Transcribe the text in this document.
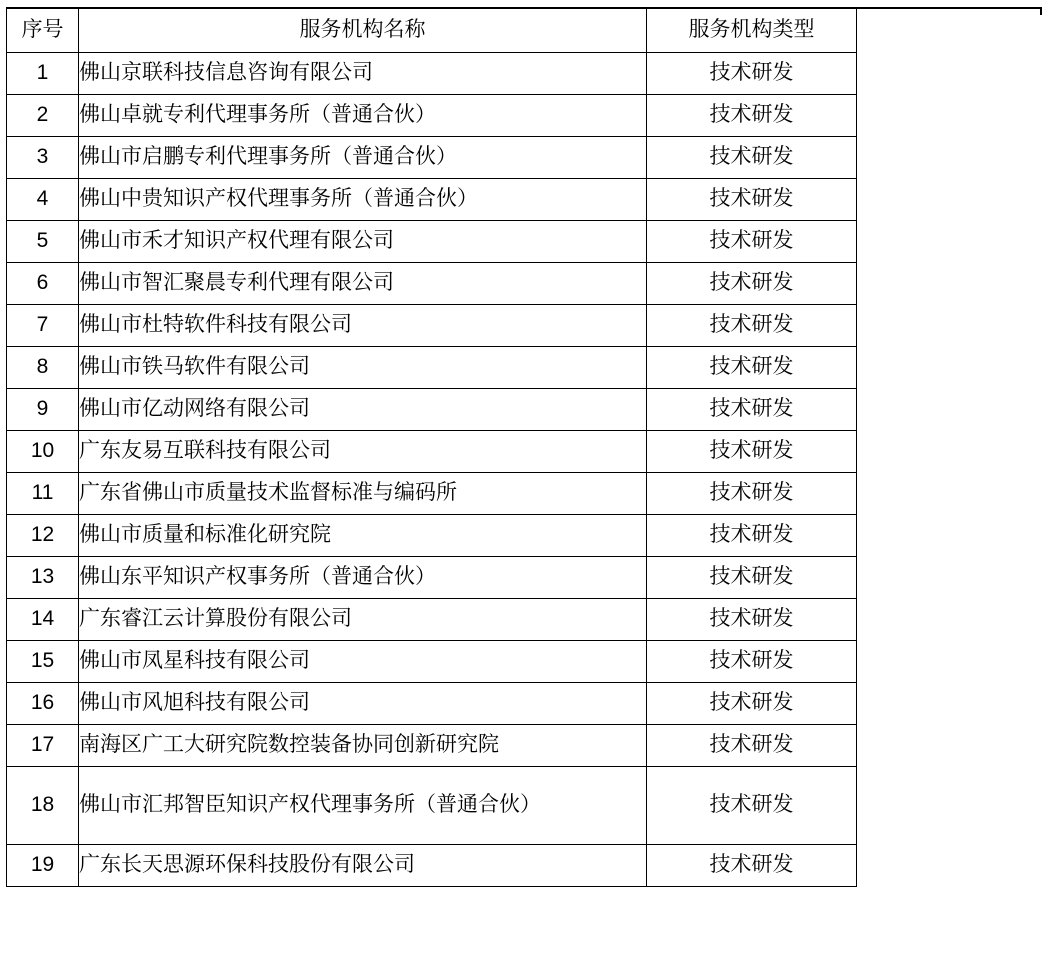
序号	服务机构名称	服务机构类型
1	佛山京联科技信息咨询有限公司	技术研发
2	佛山卓就专利代理事务所（普通合伙）	技术研发
3	佛山市启鹏专利代理事务所（普通合伙）	技术研发
4	佛山中贵知识产权代理事务所（普通合伙）	技术研发
5	佛山市禾才知识产权代理有限公司	技术研发
6	佛山市智汇聚晨专利代理有限公司	技术研发
7	佛山市杜特软件科技有限公司	技术研发
8	佛山市铁马软件有限公司	技术研发
9	佛山市亿动网络有限公司	技术研发
10	广东友易互联科技有限公司	技术研发
11	广东省佛山市质量技术监督标准与编码所	技术研发
12	佛山市质量和标准化研究院	技术研发
13	佛山东平知识产权事务所（普通合伙）	技术研发
14	广东睿江云计算股份有限公司	技术研发
15	佛山市凤星科技有限公司	技术研发
16	佛山市风旭科技有限公司	技术研发
17	南海区广工大研究院数控装备协同创新研究院	技术研发
18	佛山市汇邦智臣知识产权代理事务所（普通合伙）	技术研发
19	广东长天思源环保科技股份有限公司	技术研发
